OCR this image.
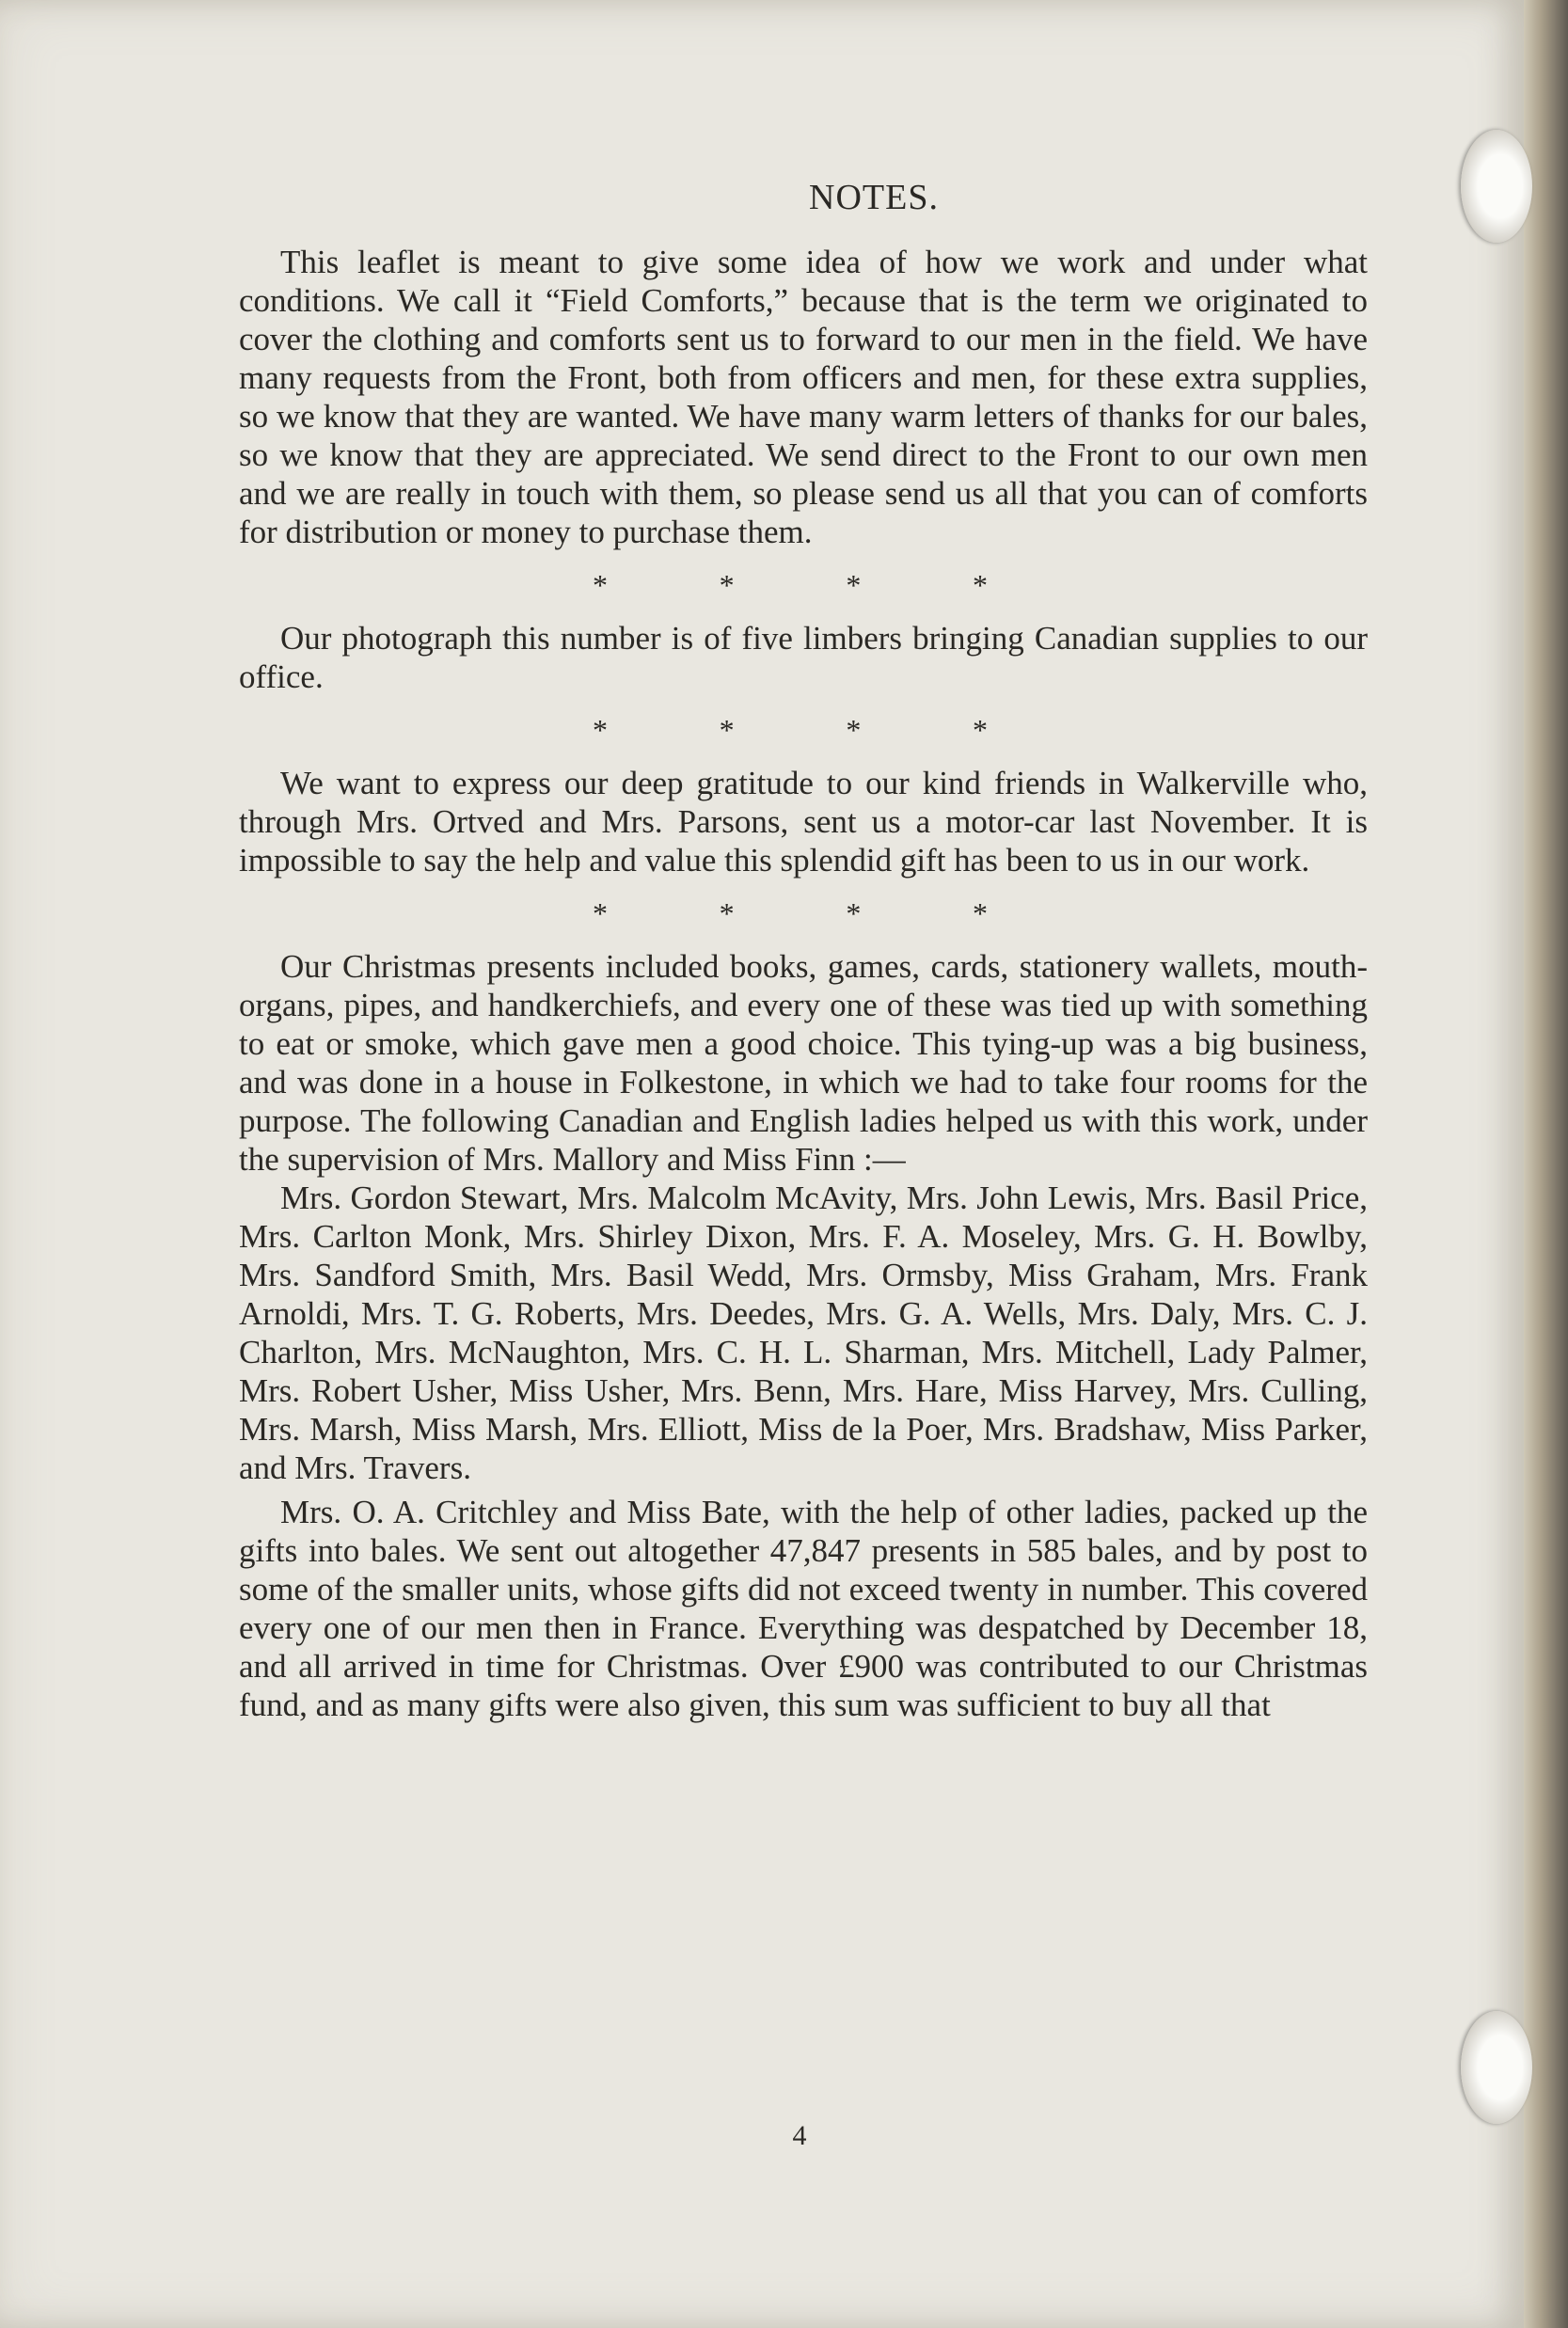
NOTES.

This leaflet is meant to give some idea of how we work and under what conditions. We call it “Field Comforts,” because that is the term we originated to cover the clothing and comforts sent us to forward to our men in the field. We have many requests from the Front, both from officers and men, for these extra supplies, so we know that they are wanted. We have many warm letters of thanks for our bales, so we know that they are appreciated. We send direct to the Front to our own men and we are really in touch with them, so please send us all that you can of comforts for distribution or money to purchase them.

*	*	*	*

Our photograph this number is of five limbers bringing Canadian supplies to our office.

*	*	*	*

We want to express our deep gratitude to our kind friends in Walkerville who, through Mrs. Ortved and Mrs. Parsons, sent us a motor-car last November. It is impossible to say the help and value this splendid gift has been to us in our work.

*	*	*	*

Our Christmas presents included books, games, cards, stationery wallets, mouth-organs, pipes, and handkerchiefs, and every one of these was tied up with something to eat or smoke, which gave men a good choice. This tying-up was a big business, and was done in a house in Folkestone, in which we had to take four rooms for the purpose. The following Canadian and English ladies helped us with this work, under the supervision of Mrs. Mallory and Miss Finn :—

Mrs. Gordon Stewart, Mrs. Malcolm McAvity, Mrs. John Lewis, Mrs. Basil Price, Mrs. Carlton Monk, Mrs. Shirley Dixon, Mrs. F. A. Moseley, Mrs. G. H. Bowlby, Mrs. Sandford Smith, Mrs. Basil Wedd, Mrs. Ormsby, Miss Graham, Mrs. Frank Arnoldi, Mrs. T. G. Roberts, Mrs. Deedes, Mrs. G. A. Wells, Mrs. Daly, Mrs. C. J. Charlton, Mrs. McNaughton, Mrs. C. H. L. Sharman, Mrs. Mitchell, Lady Palmer, Mrs. Robert Usher, Miss Usher, Mrs. Benn, Mrs. Hare, Miss Harvey, Mrs. Culling, Mrs. Marsh, Miss Marsh, Mrs. Elliott, Miss de la Poer, Mrs. Bradshaw, Miss Parker, and Mrs. Travers.

Mrs. O. A. Critchley and Miss Bate, with the help of other ladies, packed up the gifts into bales. We sent out altogether 47,847 presents in 585 bales, and by post to some of the smaller units, whose gifts did not exceed twenty in number. This covered every one of our men then in France. Everything was despatched by December 18, and all arrived in time for Christmas. Over £900 was contributed to our Christmas fund, and as many gifts were also given, this sum was sufficient to buy all that

4
